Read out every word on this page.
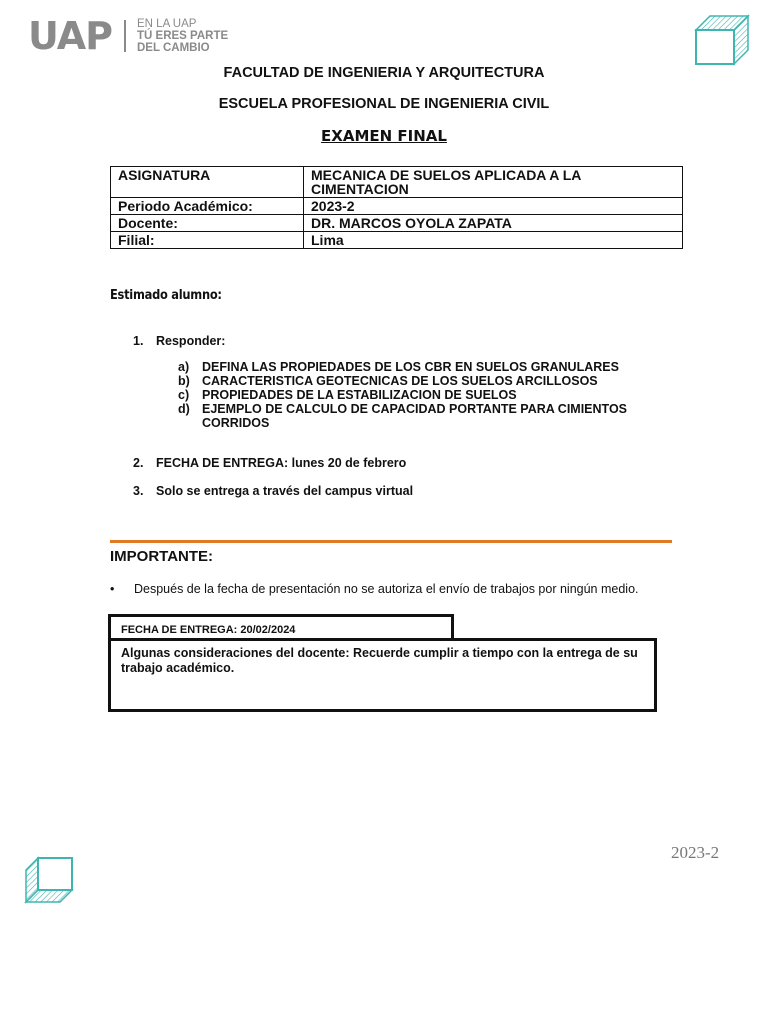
UAP EN LA UAP
TÚ ERES PARTE
DEL CAMBIO
FACULTAD DE INGENIERIA Y ARQUITECTURA
ESCUELA PROFESIONAL DE INGENIERIA CIVIL
EXAMEN FINAL
ASIGNATURA	MECANICA DE SUELOS APLICADA A LA CIMENTACION
Periodo Académico:	2023-2
Docente:	DR. MARCOS OYOLA ZAPATA
Filial:	Lima
Estimado alumno:
1. Responder:
a) DEFINA LAS PROPIEDADES DE LOS CBR EN SUELOS GRANULARES
b) CARACTERISTICA GEOTECNICAS DE LOS SUELOS ARCILLOSOS
c) PROPIEDADES DE LA ESTABILIZACION DE SUELOS
d) EJEMPLO DE CALCULO DE CAPACIDAD PORTANTE PARA CIMIENTOS CORRIDOS
2. FECHA DE ENTREGA: lunes 20 de febrero
3. Solo se entrega a través del campus virtual
IMPORTANTE:
• Después de la fecha de presentación no se autoriza el envío de trabajos por ningún medio.
FECHA DE ENTREGA: 20/02/2024
Algunas consideraciones del docente: Recuerde cumplir a tiempo con la entrega de su trabajo académico.
2023-2
